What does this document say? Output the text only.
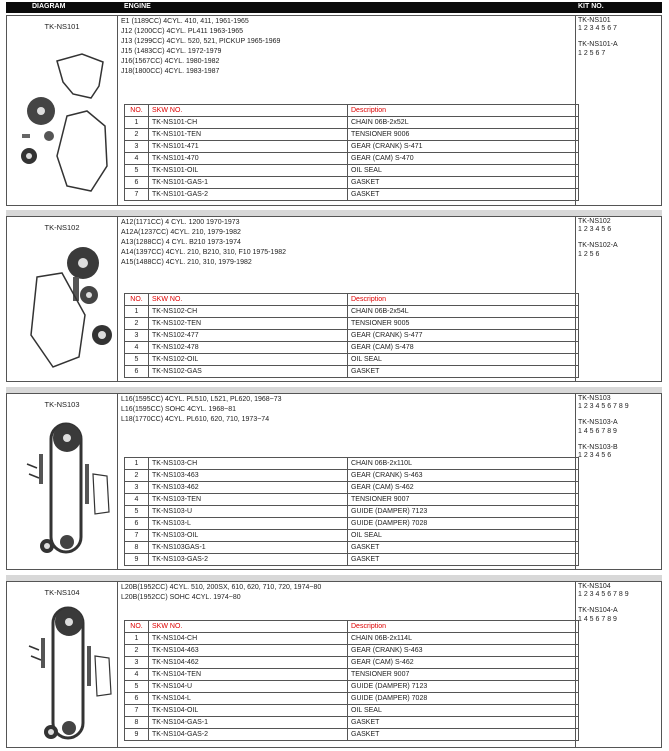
DIAGRAM	ENGINE	KIT NO.
TK-NS101
E1 (1189CC) 4CYL. 410, 411, 1961-1965
J12 (1200CC) 4CYL. PL411 1963-1965
J13 (1299CC) 4CYL. 520, 521, PICKUP 1965-1969
J15 (1483CC) 4CYL. 1972-1979
J16(1567CC) 4CYL. 1980-1982
J18(1800CC) 4CYL. 1983-1987
NO.	SKW NO.	Description
1	TK-NS101-CH	CHAIN 06B-2x52L
2	TK-NS101-TEN	TENSIONER 9006
3	TK-NS101-471	GEAR (CRANK) S-471
4	TK-NS101-470	GEAR (CAM) S-470
5	TK-NS101-OIL	OIL SEAL
6	TK-NS101-GAS-1	GASKET
7	TK-NS101-GAS-2	GASKET
TK-NS101
1 2 3 4 5 6 7
TK-NS101-A
1 2 5 6 7
TK-NS102
A12(1171CC) 4 CYL. 1200 1970-1973
A12A(1237CC) 4CYL. 210, 1979-1982
A13(1288CC) 4 CYL. B210 1973-1974
A14(1397CC) 4CYL. 210, B210, 310, F10 1975-1982
A15(1488CC) 4CYL. 210, 310, 1979-1982
NO.	SKW NO.	Description
1	TK-NS102-CH	CHAIN 06B-2x54L
2	TK-NS102-TEN	TENSIONER 9005
3	TK-NS102-477	GEAR (CRANK) S-477
4	TK-NS102-478	GEAR (CAM) S-478
5	TK-NS102-OIL	OIL SEAL
6	TK-NS102-GAS	GASKET
TK-NS102
1 2 3 4 5 6
TK-NS102-A
1 2 5 6
TK-NS103
L16(1595CC) 4CYL. PL510, L521, PL620, 1968~73
L16(1595CC) SOHC 4CYL. 1968~81
L18(1770CC) 4CYL. PL610, 620, 710, 1973~74
1	TK-NS103-CH	CHAIN 06B-2x110L
2	TK-NS103-463	GEAR (CRANK) S-463
3	TK-NS103-462	GEAR (CAM) S-462
4	TK-NS103-TEN	TENSIONER 9007
5	TK-NS103-U	GUIDE (DAMPER) 7123
6	TK-NS103-L	GUIDE (DAMPER) 7028
7	TK-NS103-OIL	OIL SEAL
8	TK-NS103GAS-1	GASKET
9	TK-NS103-GAS-2	GASKET
TK-NS103
1 2 3 4 5 6 7 8 9
TK-NS103-A
1 4 5 6 7 8 9
TK-NS103-B
1 2 3 4 5 6
TK-NS104
L20B(1952CC) 4CYL. 510, 200SX, 610, 620, 710, 720, 1974~80
L20B(1952CC) SOHC 4CYL. 1974~80
NO.	SKW NO.	Description
1	TK-NS104-CH	CHAIN 06B-2x114L
2	TK-NS104-463	GEAR (CRANK) S-463
3	TK-NS104-462	GEAR (CAM) S-462
4	TK-NS104-TEN	TENSIONER 9007
5	TK-NS104-U	GUIDE (DAMPER) 7123
6	TK-NS104-L	GUIDE (DAMPER) 7028
7	TK-NS104-OIL	OIL SEAL
8	TK-NS104-GAS-1	GASKET
9	TK-NS104-GAS-2	GASKET
TK-NS104
1 2 3 4 5 6 7 8 9
TK-NS104-A
1 4 5 6 7 8 9
